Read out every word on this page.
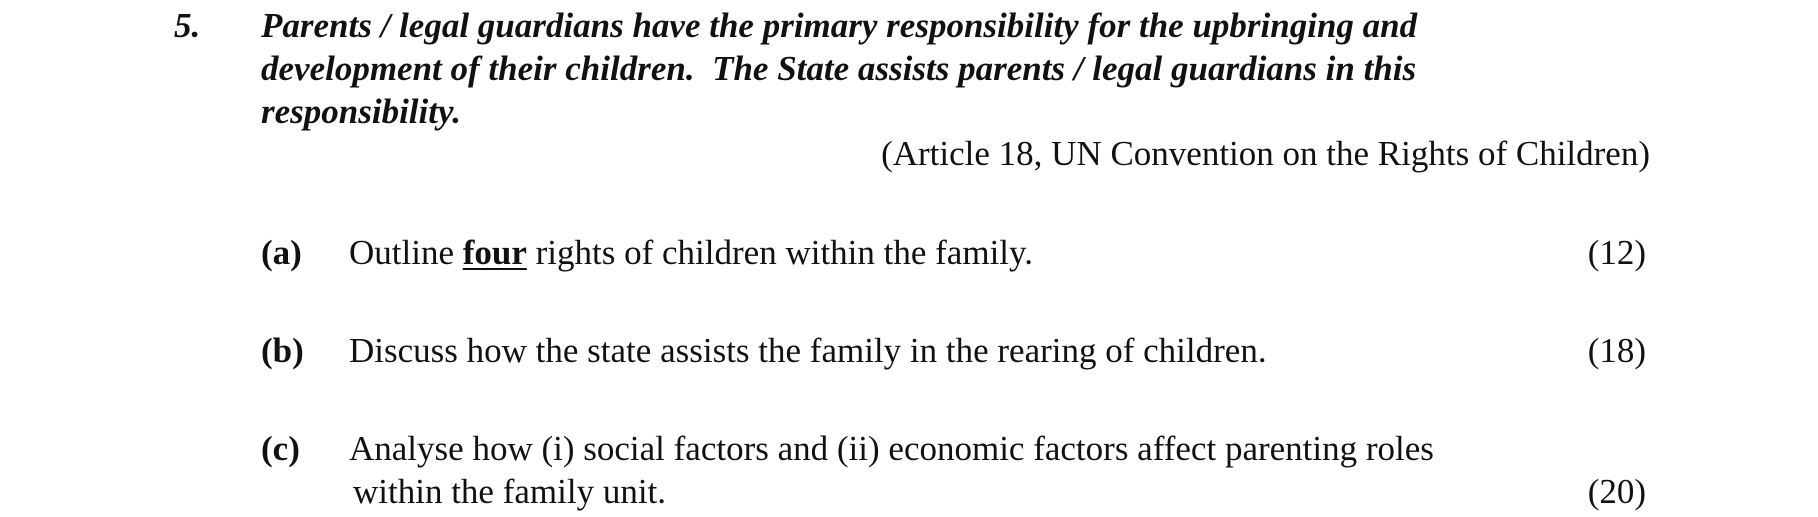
5. Parents / legal guardians have the primary responsibility for the upbringing and
development of their children.  The State assists parents / legal guardians in this
responsibility.
(Article 18, UN Convention on the Rights of Children)
(a) Outline four rights of children within the family.	(12)
(b) Discuss how the state assists the family in the rearing of children.	(18)
(c) Analyse how (i) social factors and (ii) economic factors affect parenting roles
within the family unit.	(20)
